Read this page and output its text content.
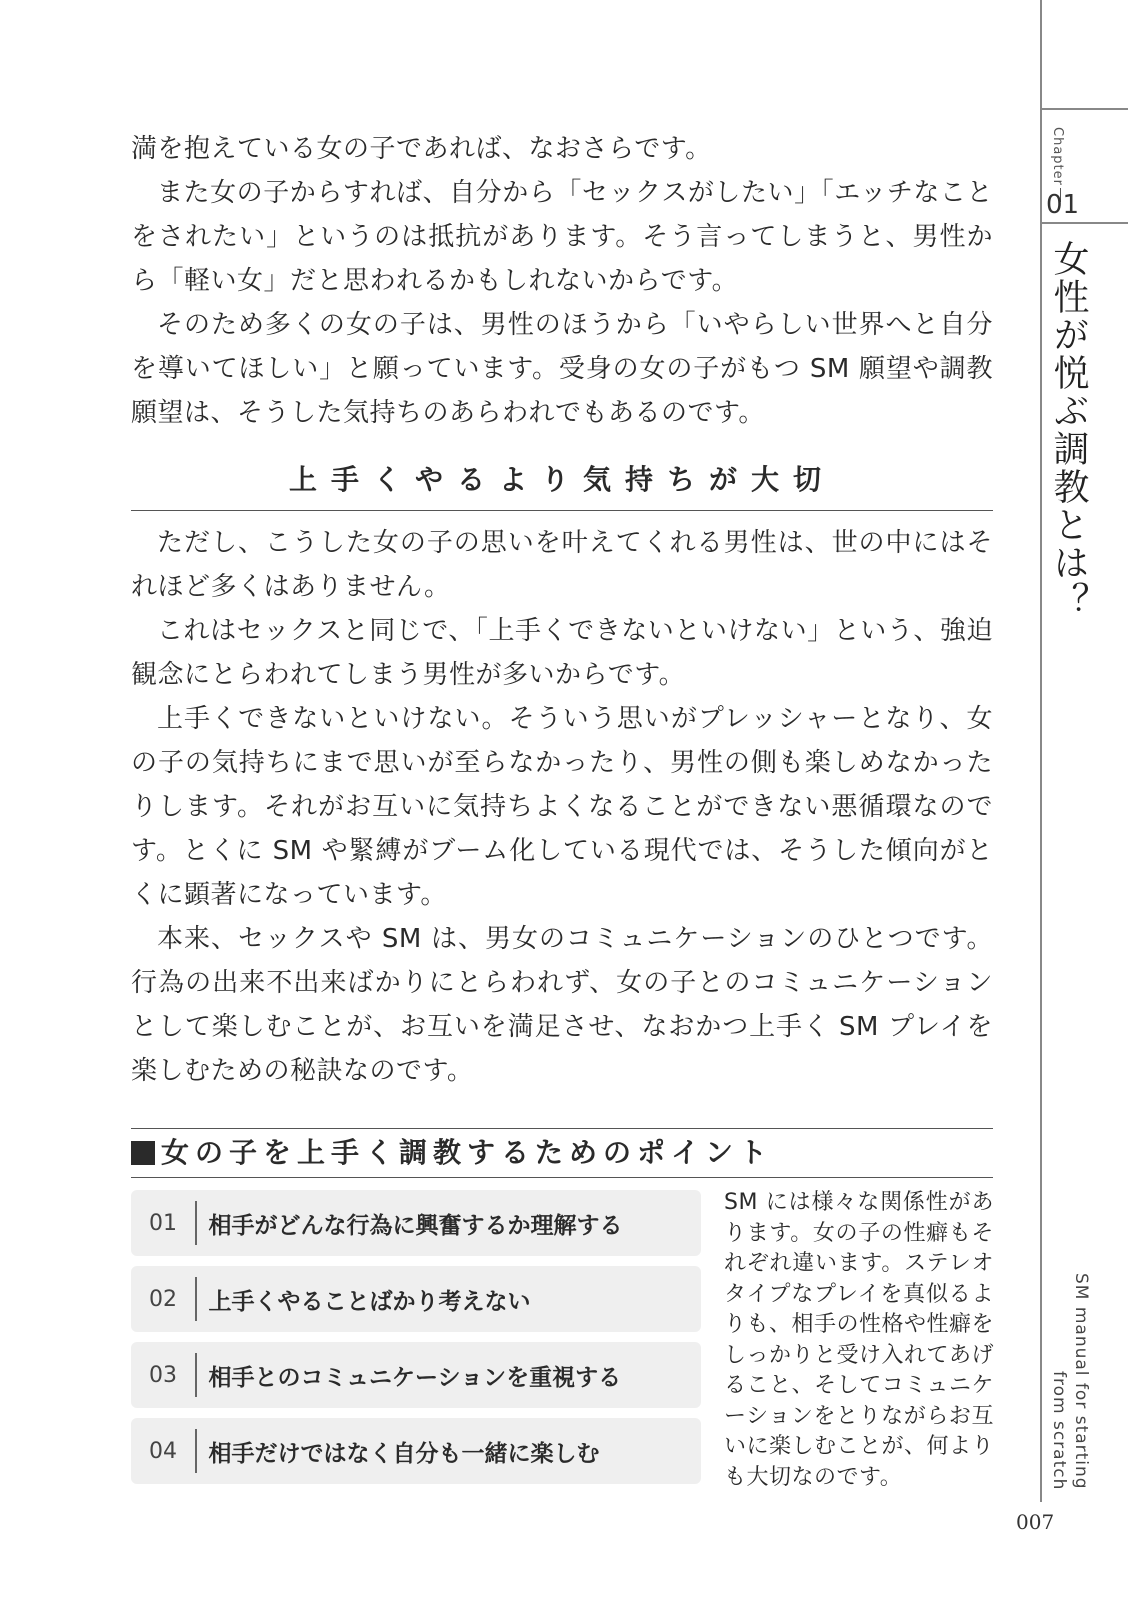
満を抱えている女の子であれば、なおさらです。

また女の子からすれば、自分から「セックスがしたい」「エッチなことをされたい」というのは抵抗があります。そう言ってしまうと、男性から「軽い女」だと思われるかもしれないからです。

そのため多くの女の子は、男性のほうから「いやらしい世界へと自分を導いてほしい」と願っています。受身の女の子がもつ SM 願望や調教願望は、そうした気持ちのあらわれでもあるのです。

上手くやるより気持ちが大切

ただし、こうした女の子の思いを叶えてくれる男性は、世の中にはそれほど多くはありません。

これはセックスと同じで、「上手くできないといけない」という、強迫観念にとらわれてしまう男性が多いからです。

上手くできないといけない。そういう思いがプレッシャーとなり、女の子の気持ちにまで思いが至らなかったり、男性の側も楽しめなかったりします。それがお互いに気持ちよくなることができない悪循環なのです。とくに SM や緊縛がブーム化している現代では、そうした傾向がとくに顕著になっています。

本来、セックスや SM は、男女のコミュニケーションのひとつです。行為の出来不出来ばかりにとらわれず、女の子とのコミュニケーションとして楽しむことが、お互いを満足させ、なおかつ上手く SM プレイを楽しむための秘訣なのです。

女の子を上手く調教するためのポイント
01	相手がどんな行為に興奮するか理解する
02	上手くやることばかり考えない
03	相手とのコミュニケーションを重視する
04	相手だけではなく自分も一緒に楽しむ
SM には様々な関係性があります。女の子の性癖もそれぞれ違います。ステレオタイプなプレイを真似るよりも、相手の性格や性癖をしっかりと受け入れてあげること、そしてコミュニケーションをとりながらお互いに楽しむことが、何よりも大切なのです。
Chapter
01
女性が悦ぶ調教とは？
SM manual for starting
from scratch
007
